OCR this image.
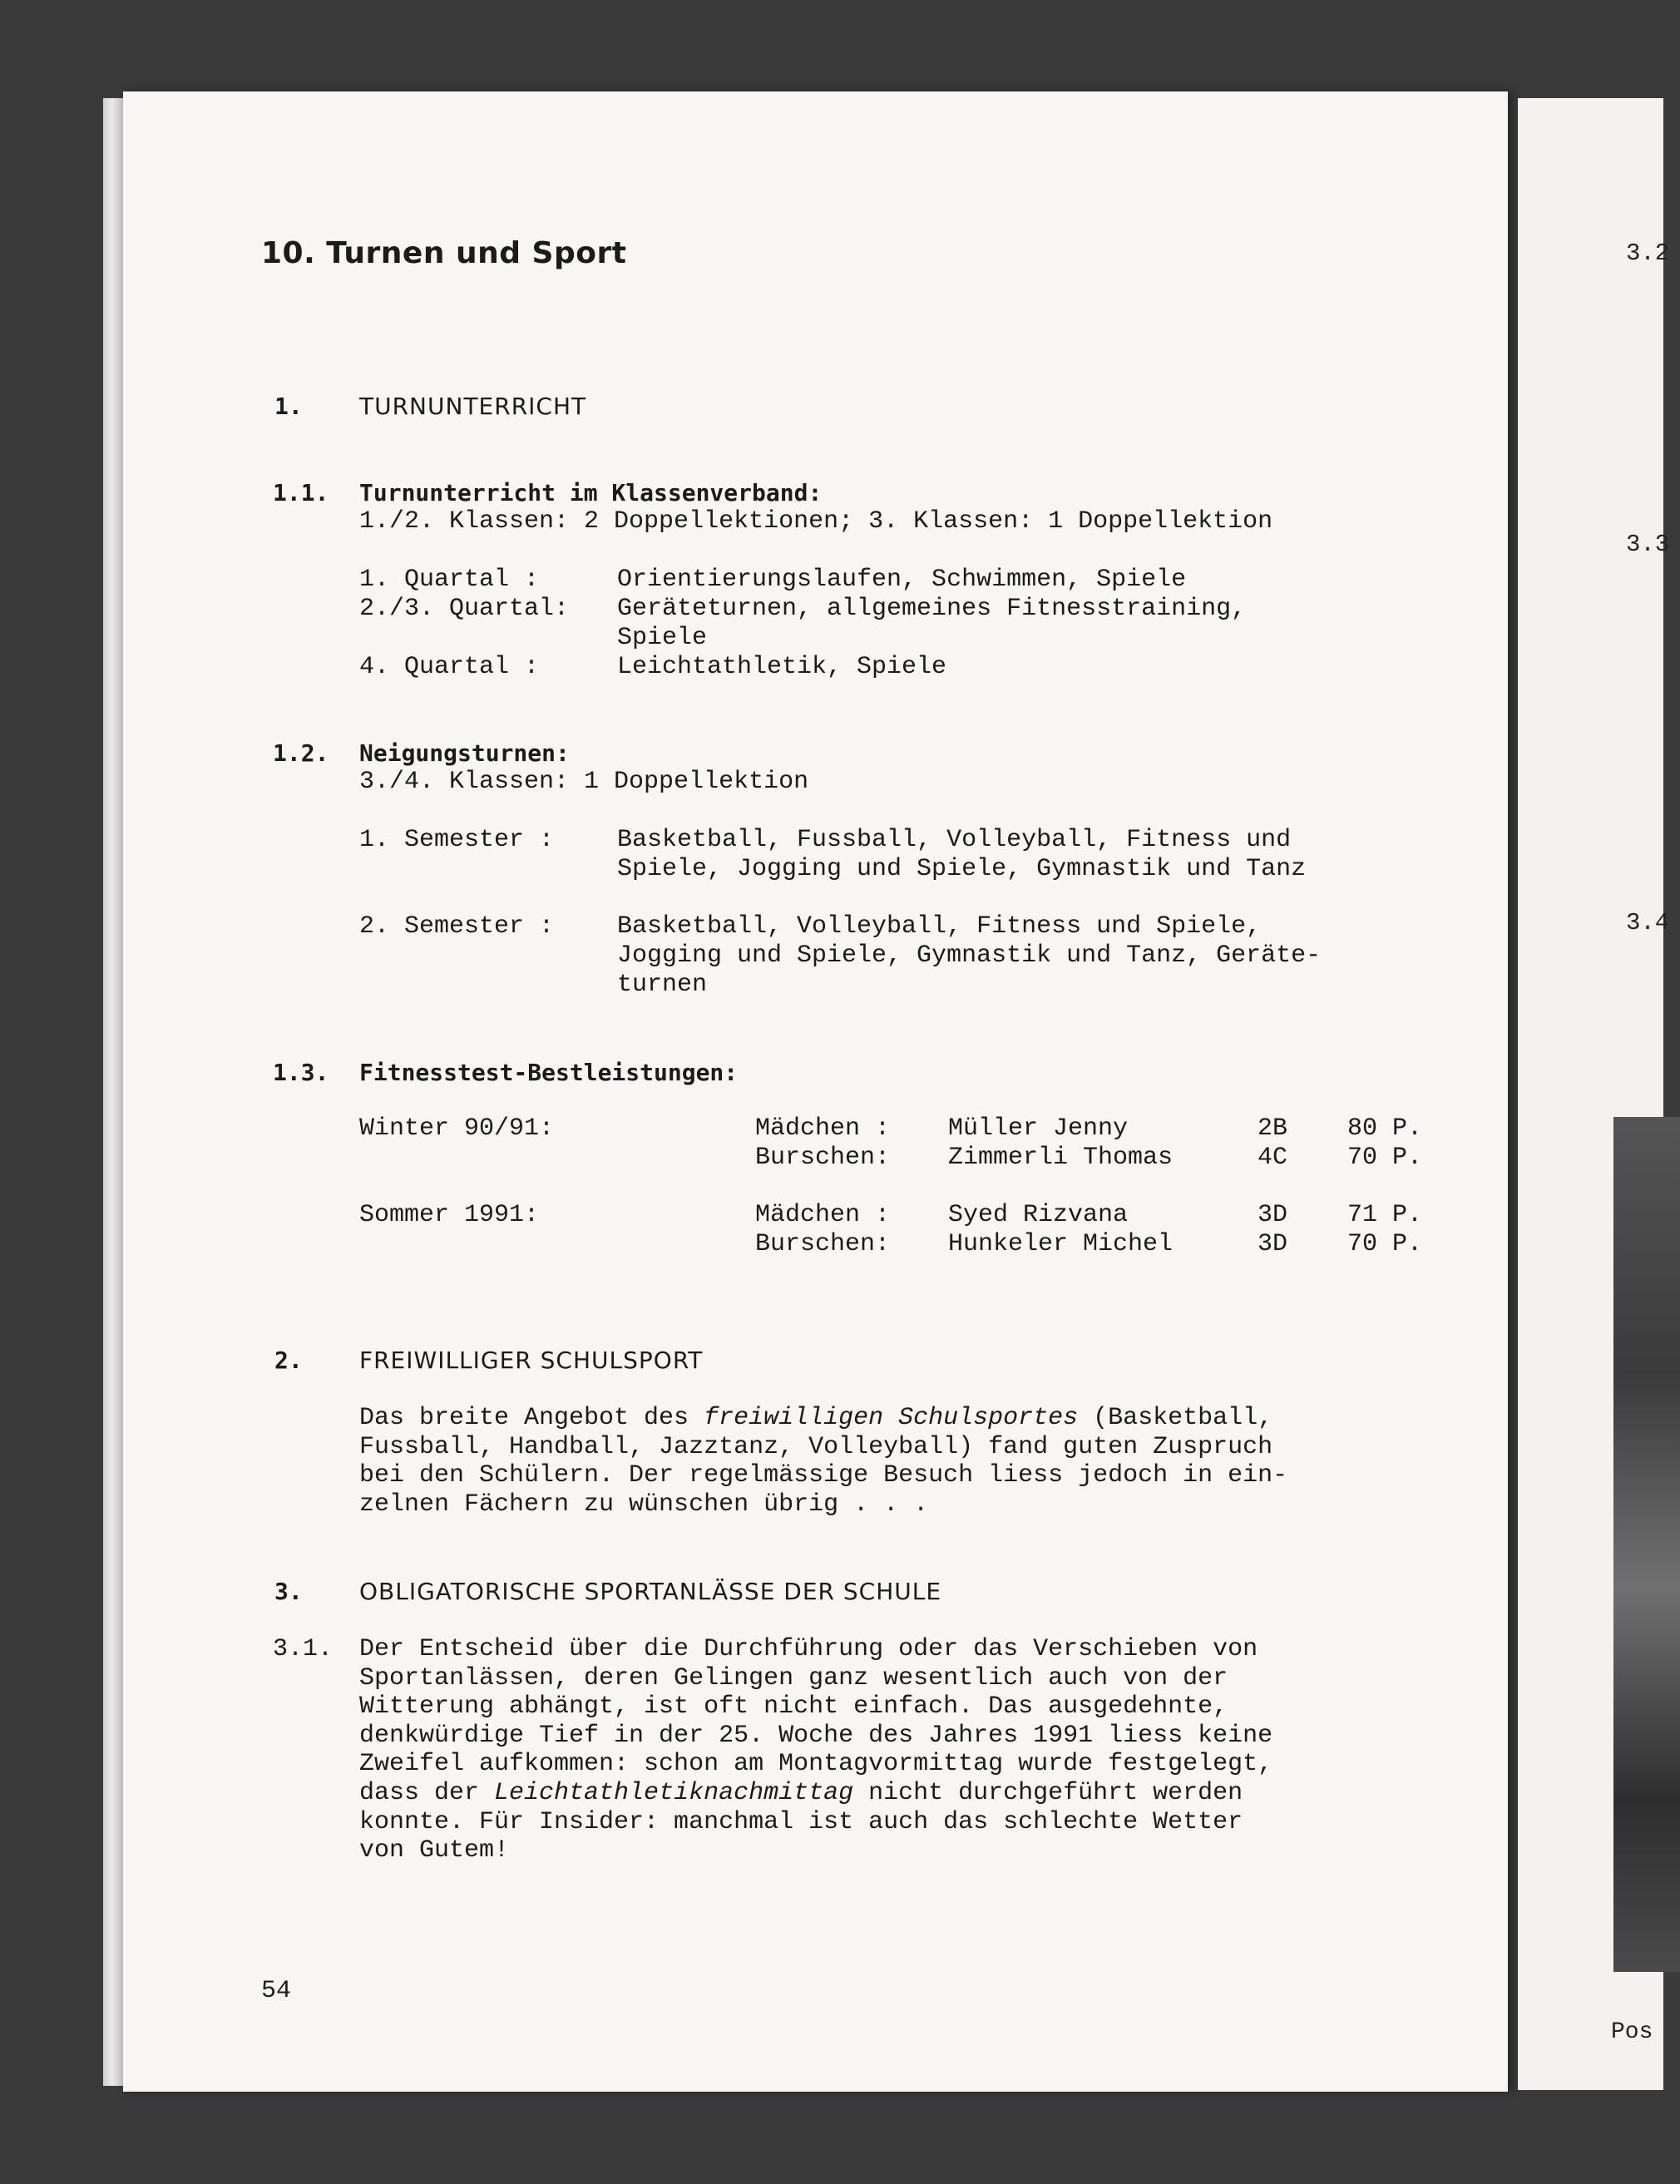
3.2
3.3
3.4
Pos
10. Turnen und Sport
1. TURNUNTERRICHT
1.1. Turnunterricht im Klassenverband:
1./2. Klassen: 2 Doppellektionen; 3. Klassen: 1 Doppellektion
1. Quartal :	Orientierungslaufen, Schwimmen, Spiele
2./3. Quartal: Geräteturnen, allgemeines Fitnesstraining,
Spiele
4. Quartal :	Leichtathletik, Spiele
1.2. Neigungsturnen:
3./4. Klassen: 1 Doppellektion
1. Semester :	Basketball, Fussball, Volleyball, Fitness und
Spiele, Jogging und Spiele, Gymnastik und Tanz
2. Semester :	Basketball, Volleyball, Fitness und Spiele,
Jogging und Spiele, Gymnastik und Tanz, Geräte-
turnen
1.3. Fitnesstest-Bestleistungen:
Winter 90/91:	Mädchen : Müller Jenny	2B 80 P.
Burschen: Zimmerli Thomas	4C 70 P.
Sommer 1991:	Mädchen : Syed Rizvana	3D 71 P.
Burschen: Hunkeler Michel	3D 70 P.
2. FREIWILLIGER SCHULSPORT
Das breite Angebot des freiwilligen Schulsportes (Basketball,
Fussball, Handball, Jazztanz, Volleyball) fand guten Zuspruch
bei den Schülern. Der regelmässige Besuch liess jedoch in ein-
zelnen Fächern zu wünschen übrig . . .
3. OBLIGATORISCHE SPORTANLÄSSE DER SCHULE
3.1. Der Entscheid über die Durchführung oder das Verschieben von
Sportanlässen, deren Gelingen ganz wesentlich auch von der
Witterung abhängt, ist oft nicht einfach. Das ausgedehnte,
denkwürdige Tief in der 25. Woche des Jahres 1991 liess keine
Zweifel aufkommen: schon am Montagvormittag wurde festgelegt,
dass der Leichtathletiknachmittag nicht durchgeführt werden
konnte. Für Insider: manchmal ist auch das schlechte Wetter
von Gutem!
54
